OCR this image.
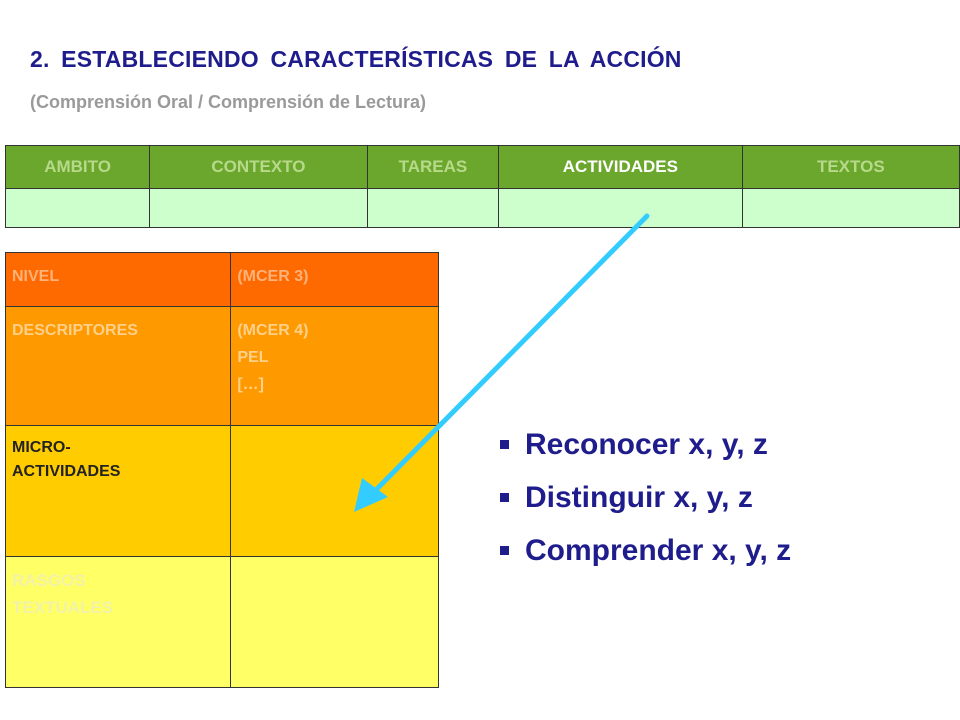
2. ESTABLECIENDO CARACTERÍSTICAS DE LA ACCIÓN
(Comprensión Oral / Comprensión de Lectura)
AMBITO	CONTEXTO	TAREAS	ACTIVIDADES	TEXTOS

NIVEL	(MCER 3)
DESCRIPTORES	(MCER 4)
PEL
[…]

MICRO-
ACTIVIDADES	

RASGOS
TEXTUALES	

Reconocer x, y, z
Distinguir x, y, z
Comprender x, y, z
